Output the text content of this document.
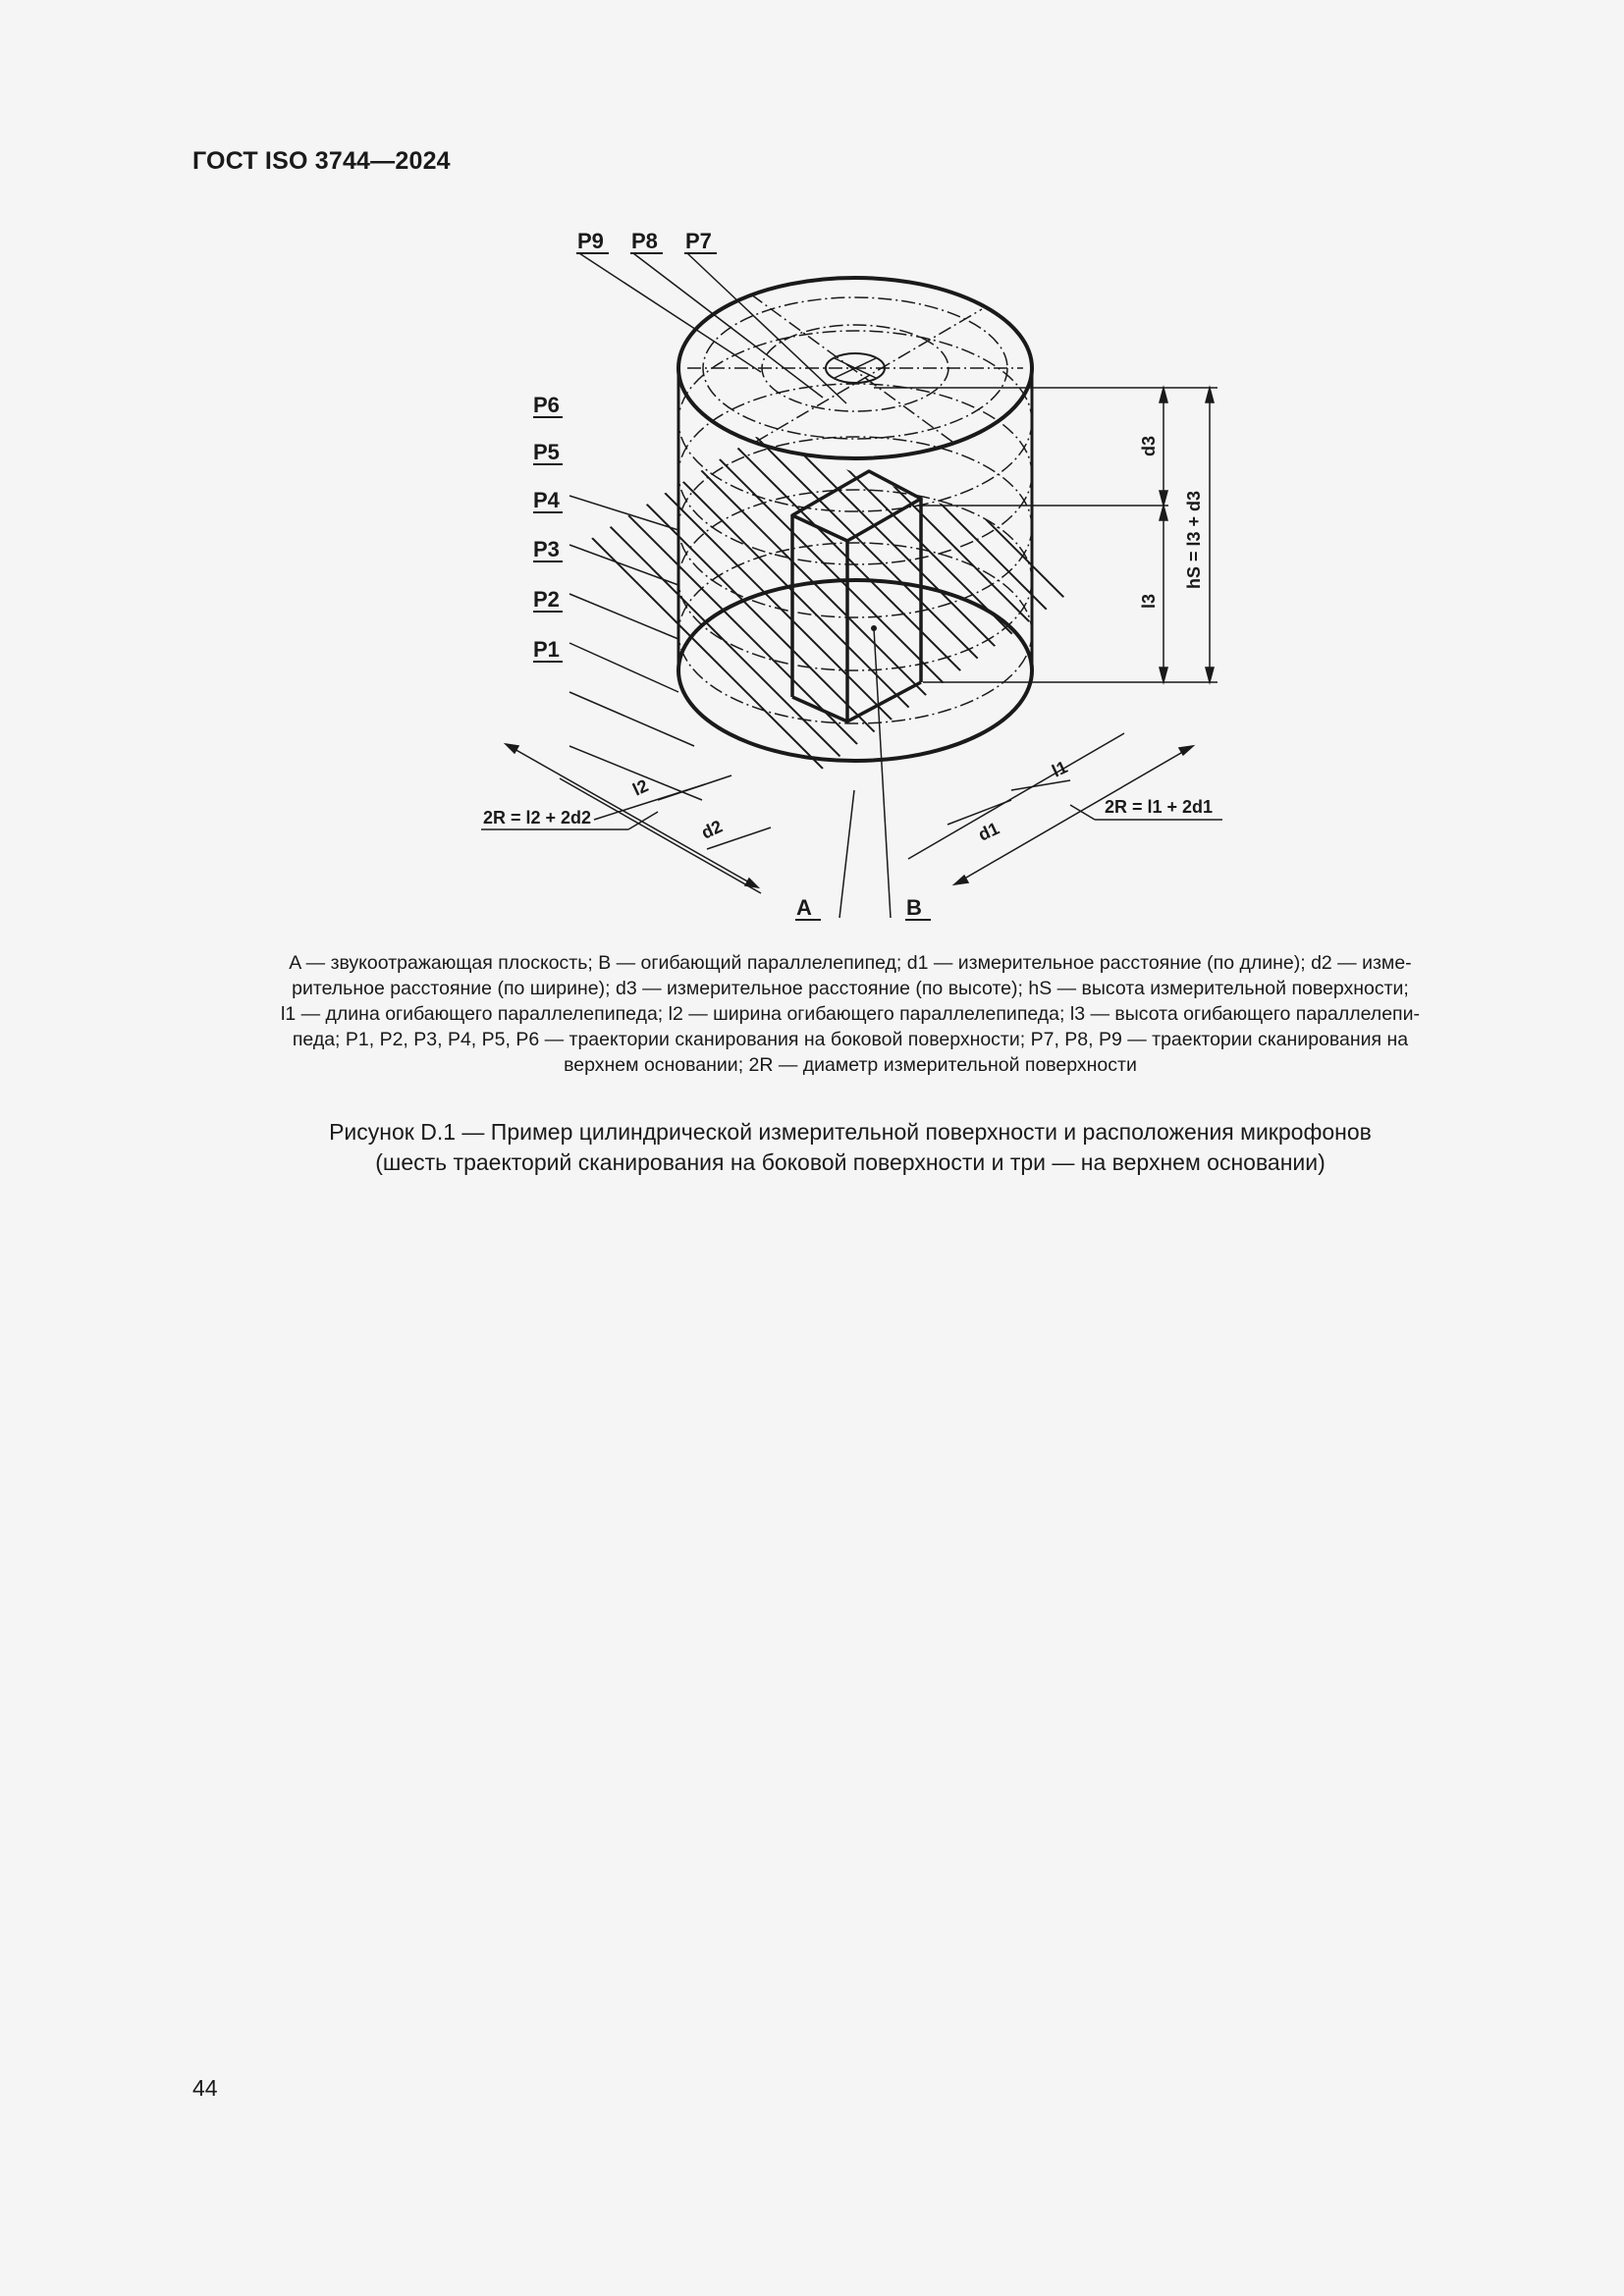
ГОСТ ISO 3744—2024
P9 P8 P7
P6
P5
P4
P3
P2
P1
A	B
d3
l3
hS = l3 + d3
l2
d2
2R = l2 + 2d2
l1
d1
2R = l1 + 2d1
A — звукоотражающая плоскость; B — огибающий параллелепипед; d1 — измерительное расстояние (по длине); d2 — изме-
рительное расстояние (по ширине); d3 — измерительное расстояние (по высоте); hS — высота измерительной поверхности;
l1 — длина огибающего параллелепипеда; l2 — ширина огибающего параллелепипеда; l3 — высота огибающего параллелепи-
педа; P1, P2, P3, P4, P5, P6 — траектории сканирования на боковой поверхности; P7, P8, P9 — траектории сканирования на
верхнем основании; 2R — диаметр измерительной поверхности
Рисунок D.1 — Пример цилиндрической измерительной поверхности и расположения микрофонов
(шесть траекторий сканирования на боковой поверхности и три — на верхнем основании)
44
